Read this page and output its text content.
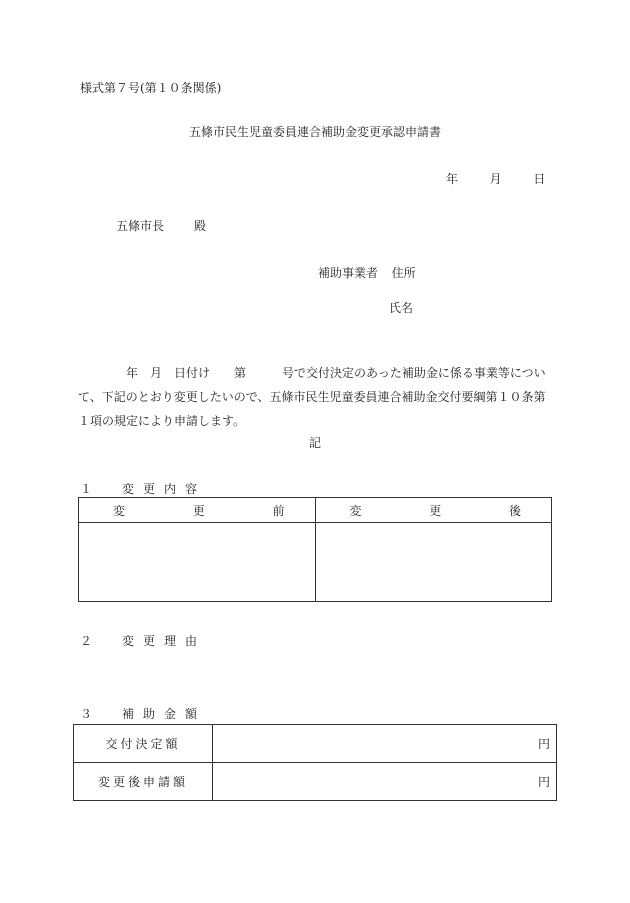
様式第７号(第１０条関係)
五條市民生児童委員連合補助金変更承認申請書
年	月	日
五條市長	殿
補助事業者 住所
氏名

年　月　日付け　　第　　　号で交付決定のあった補助金に係る事業等につい

て、下記のとおり変更したいので、五條市民生児童委員連合補助金交付要綱第１０条第

１項の規定により申請します。

記
１　変更内容
変 更 前	変 更 後

２　変更理由
３　補助金額
交付決定額	円
変更後申請額	円
